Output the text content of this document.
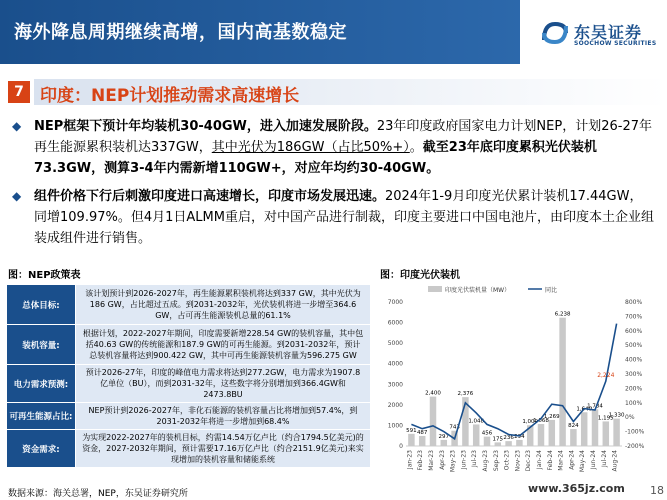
海外降息周期继续高增，国内高基数稳定	东吴证券
SOOCHOW SECURITIES
7 印度：NEP计划推动需求高速增长
◆ NEP框架下预计年均装机30-40GW，进入加速发展阶段。23年印度政府国家电力计划NEP，计划26-27年再生能源累积装机达337GW，其中光伏为186GW（占比50%+）。截至23年底印度累积光伏装机73.3GW，测算3-4年内需新增110GW+，对应年均约30-40GW。
◆ 组件价格下行后刺激印度进口高速增长，印度市场发展迅速。2024年1-9月印度光伏累计装机17.44GW，同增109.97%。但4月1日ALMM重启，对中国产品进行制裁，印度主要进口中国电池片，由印度本土企业组装成组件进行销售。
图：NEP政策表	图：印度光伏装机
总体目标:	该计划预计到2026-2027年，再生能源累积装机将达到337 GW，其中光伏为186 GW，占比超过五成。到2031-2032年，光伏装机将进一步增至364.6 GW，占可再生能源装机总量的61.1%
装机容量:	根据计划，2022-2027年期间，印度需要新增228.54 GW的装机容量，其中包括40.63 GW的传统能源和187.9 GW的可再生能源。到2031-2032年，预计总装机容量将达到900.422 GW，其中可再生能源装机容量为596.275 GW
电力需求预测:	预计2026-27年，印度的峰值电力需求将达到277.2GW，电力需求为1907.8亿单位（BU），而到2031-32年，这些数字将分别增加到366.4GW和2473.8BU
可再生能源占比:	NEP预计到2026-2027年，非化石能源的装机容量占比将增加到57.4%，到2031-2032年将进一步增加到68.4%
资金需求:	为实现2022-2027年的装机目标，约需14.54万亿卢比（约合1794.5亿美元)的资金，2027-2032年期间，预计需要17.16万亿卢比（约合2151.9亿美元)来实现增加的装机容量和储能系统
印度光伏装机量（MW）	同比
0
1000
2000
3000
4000
5000
6000
7000
-200%
-100%
0%
100%
200%
300%
400%
500%
600%
700%
800%
591 487
2,400
297
743
2,376
1,048
456
175 236 294
1,009
1,068
1,269
6,238
824
1,640
1,784
1,195
1,330
2,224
Jan-23 Feb-23 Mar-23 Apr-23 May-23 Jun-23 Jul-23 Aug-23 Sep-23 Oct-23 Nov-23 Dec-23 Jan-24 Feb-24 Mar-24 Apr-24 May-24 Jun-24 Jul-24 Aug-24
数据来源：海关总署，NEP，东吴证券研究所	www.365jz.com 18
